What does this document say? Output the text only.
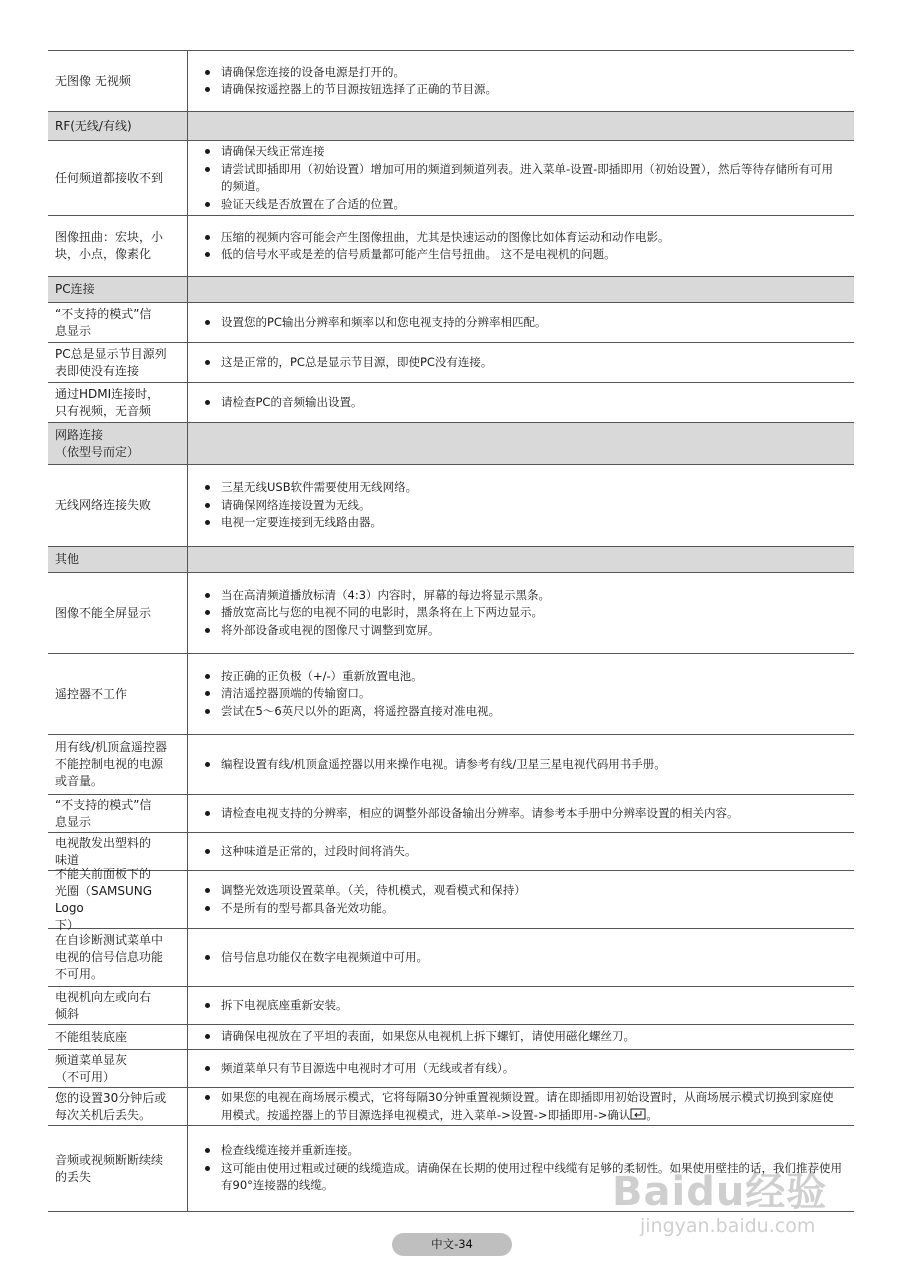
无图像 无视频
请确保您连接的设备电源是打开的。
请确保按遥控器上的节目源按钮选择了正确的节目源。
RF(无线/有线)
任何频道都接收不到
请确保天线正常连接
请尝试即插即用（初始设置）增加可用的频道到频道列表。进入菜单-设置-即插即用（初始设置），然后等待存储所有可用的频道。
验证天线是否放置在了合适的位置。
图像扭曲：宏块，小
块，小点，像素化
压缩的视频内容可能会产生图像扭曲，尤其是快速运动的图像比如体育运动和动作电影。
低的信号水平或是差的信号质量都可能产生信号扭曲。 这不是电视机的问题。
PC连接
“不支持的模式”信
息显示
设置您的PC输出分辨率和频率以和您电视支持的分辨率相匹配。
PC总是显示节目源列
表即使没有连接
这是正常的，PC总是显示节目源，即使PC没有连接。
通过HDMI连接时，
只有视频，无音频
请检查PC的音频输出设置。
网路连接
（依型号而定）
无线网络连接失败
三星无线USB软件需要使用无线网络。
请确保网络连接设置为无线。
电视一定要连接到无线路由器。
其他
图像不能全屏显示
当在高清频道播放标清（4:3）内容时，屏幕的每边将显示黑条。
播放宽高比与您的电视不同的电影时，黑条将在上下两边显示。
将外部设备或电视的图像尺寸调整到宽屏。
遥控器不工作
按正确的正负极（+/-）重新放置电池。
清洁遥控器顶端的传输窗口。
尝试在5～6英尺以外的距离，将遥控器直接对准电视。
用有线/机顶盒遥控器
不能控制电视的电源
或音量。
编程设置有线/机顶盒遥控器以用来操作电视。请参考有线/卫星三星电视代码用书手册。
“不支持的模式”信
息显示
请检查电视支持的分辨率，相应的调整外部设备输出分辨率。请参考本手册中分辨率设置的相关内容。
电视散发出塑料的
味道
这种味道是正常的，过段时间将消失。
不能关前面板下的
光圈（SAMSUNG Logo
下）
调整光效选项设置菜单。（关，待机模式，观看模式和保持）
不是所有的型号都具备光效功能。
在自诊断测试菜单中
电视的信号信息功能
不可用。
信号信息功能仅在数字电视频道中可用。
电视机向左或向右
倾斜
拆下电视底座重新安装。
不能组装底座	请确保电视放在了平坦的表面，如果您从电视机上拆下螺钉，请使用磁化螺丝刀。
频道菜单显灰
（不可用）
频道菜单只有节目源选中电视时才可用（无线或者有线）。
您的设置30分钟后或
每次关机后丢失。
如果您的电视在商场展示模式，它将每隔30分钟重置视频设置。请在即插即用初始设置时，从商场展示模式切换到家庭使用模式。按遥控器上的节目源选择电视模式，进入菜单->设置->即插即用->确认 。
音频或视频断断续续
的丢失
检查线缆连接并重新连接。
这可能由使用过粗或过硬的线缆造成。请确保在长期的使用过程中线缆有足够的柔韧性。如果使用壁挂的话，我们推荐使用有90°连接器的线缆。
中文-34
Baidu经验
jingyan.baidu.com
